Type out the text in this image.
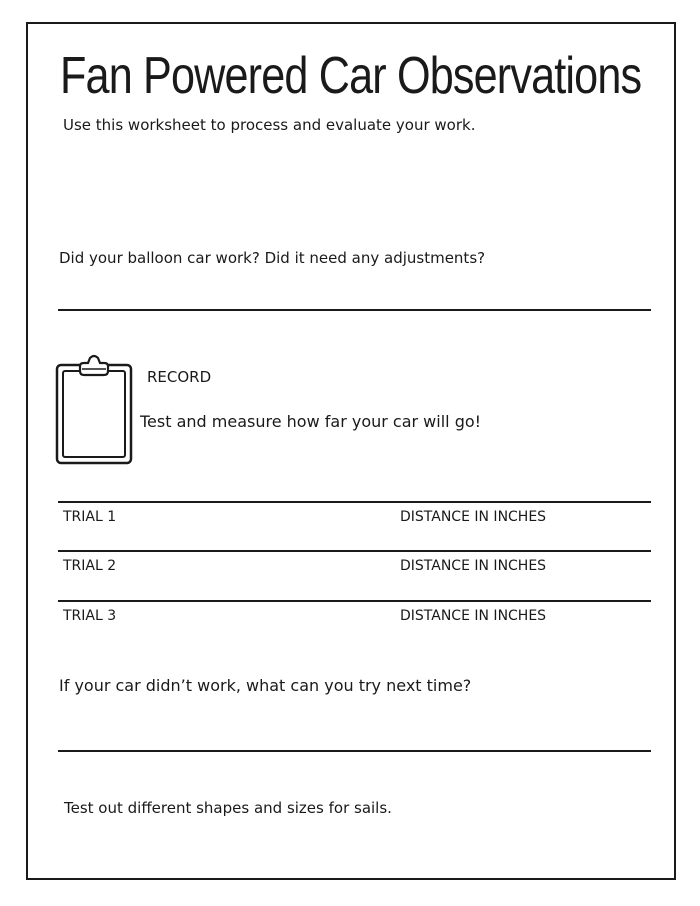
Fan Powered Car Observations
Use this worksheet to process and evaluate your work.
Did your balloon car work? Did it need any adjustments?
RECORD
Test and measure how far your car will go!
TRIAL 1	DISTANCE IN INCHES
TRIAL 2	DISTANCE IN INCHES
TRIAL 3	DISTANCE IN INCHES
If your car didn’t work, what can you try next time?
Test out different shapes and sizes for sails.
